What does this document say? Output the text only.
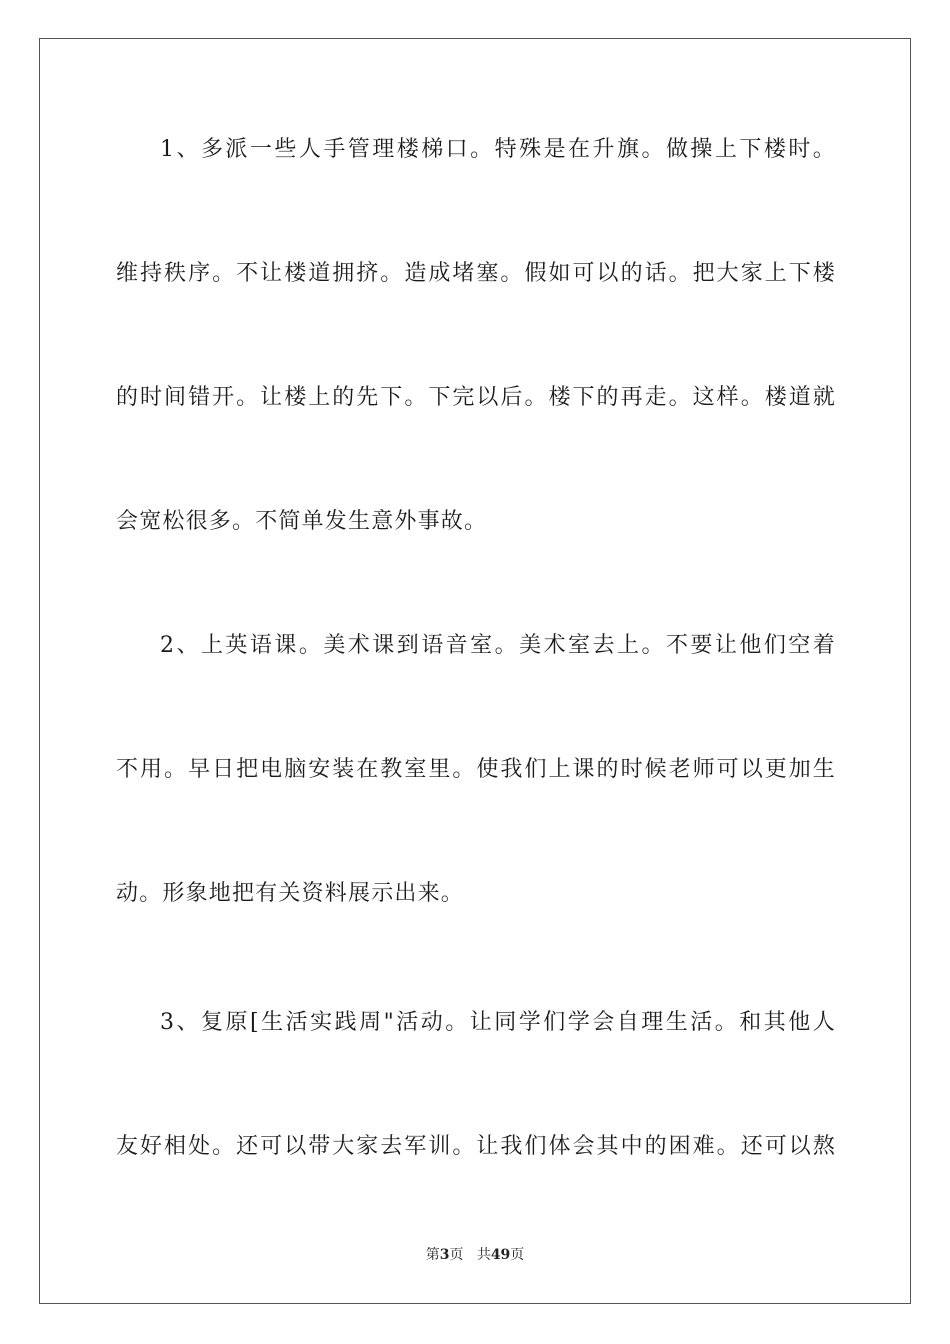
1、多派一些人手管理楼梯口。特殊是在升旗。做操上下楼时。
维持秩序。不让楼道拥挤。造成堵塞。假如可以的话。把大家上下楼
的时间错开。让楼上的先下。下完以后。楼下的再走。这样。楼道就
会宽松很多。不简单发生意外事故。
2、上英语课。美术课到语音室。美术室去上。不要让他们空着
不用。早日把电脑安装在教室里。使我们上课的时候老师可以更加生
动。形象地把有关资料展示出来。
3、复原[生活实践周"活动。让同学们学会自理生活。和其他人
友好相处。还可以带大家去军训。让我们体会其中的困难。还可以熬
第3页 共49页
